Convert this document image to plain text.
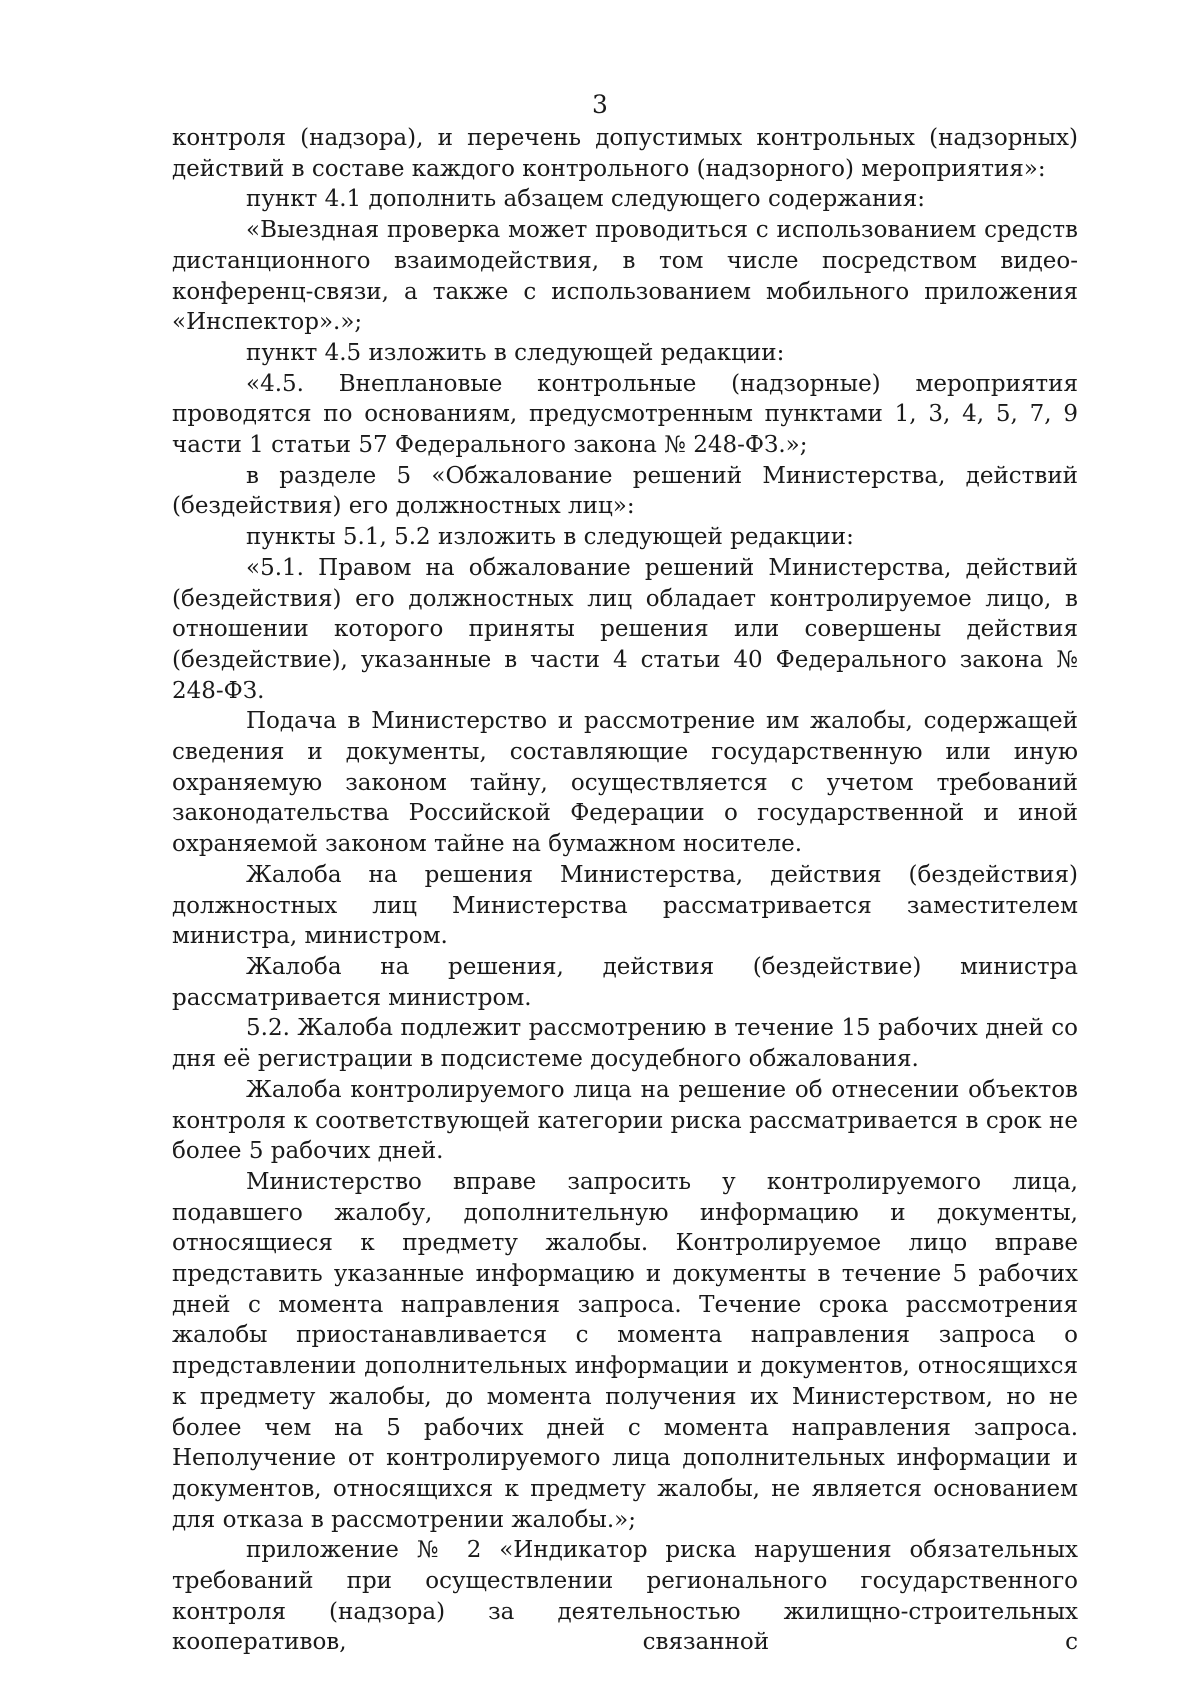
3

контроля (надзора), и перечень допустимых контрольных (надзорных) действий в составе каждого контрольного (надзорного) мероприятия»:

пункт 4.1 дополнить абзацем следующего содержания:

«Выездная проверка может проводиться с использованием средств дистанционного взаимодействия, в том числе посредством видео-конференц-связи, а также с использованием мобильного приложения «Инспектор».»;

пункт 4.5 изложить в следующей редакции:

«4.5. Внеплановые контрольные (надзорные) мероприятия проводятся по основаниям, предусмотренным пунктами 1, 3, 4, 5, 7, 9 части 1 статьи 57 Федерального закона № 248-ФЗ.»;

в разделе 5 «Обжалование решений Министерства, действий (бездействия) его должностных лиц»:

пункты 5.1, 5.2 изложить в следующей редакции:

«5.1. Правом на обжалование решений Министерства, действий (бездействия) его должностных лиц обладает контролируемое лицо, в отношении которого приняты решения или совершены действия (бездействие), указанные в части 4 статьи 40 Федерального закона № 248-ФЗ.

Подача в Министерство и рассмотрение им жалобы, содержащей сведения и документы, составляющие государственную или иную охраняемую законом тайну, осуществляется с учетом требований законодательства Российской Федерации о государственной и иной охраняемой законом тайне на бумажном носителе.

Жалоба на решения Министерства, действия (бездействия) должностных лиц Министерства рассматривается заместителем министра, министром.

Жалоба на решения, действия (бездействие) министра рассматривается министром.

5.2. Жалоба подлежит рассмотрению в течение 15 рабочих дней со дня её регистрации в подсистеме досудебного обжалования.

Жалоба контролируемого лица на решение об отнесении объектов контроля к соответствующей категории риска рассматривается в срок не более 5 рабочих дней.

Министерство вправе запросить у контролируемого лица, подавшего жалобу, дополнительную информацию и документы, относящиеся к предмету жалобы. Контролируемое лицо вправе представить указанные информацию и документы в течение 5 рабочих дней с момента направления запроса. Течение срока рассмотрения жалобы приостанавливается с момента направления запроса о представлении дополнительных информации и документов, относящихся к предмету жалобы, до момента получения их Министерством, но не более чем на 5 рабочих дней с момента направления запроса. Неполучение от контролируемого лица дополнительных информации и документов, относящихся к предмету жалобы, не является основанием для отказа в рассмотрении жалобы.»;

приложение № 2 «Индикатор риска нарушения обязательных требований при осуществлении регионального государственного контроля (надзора) за деятельностью жилищно-строительных кооперативов, связанной с
